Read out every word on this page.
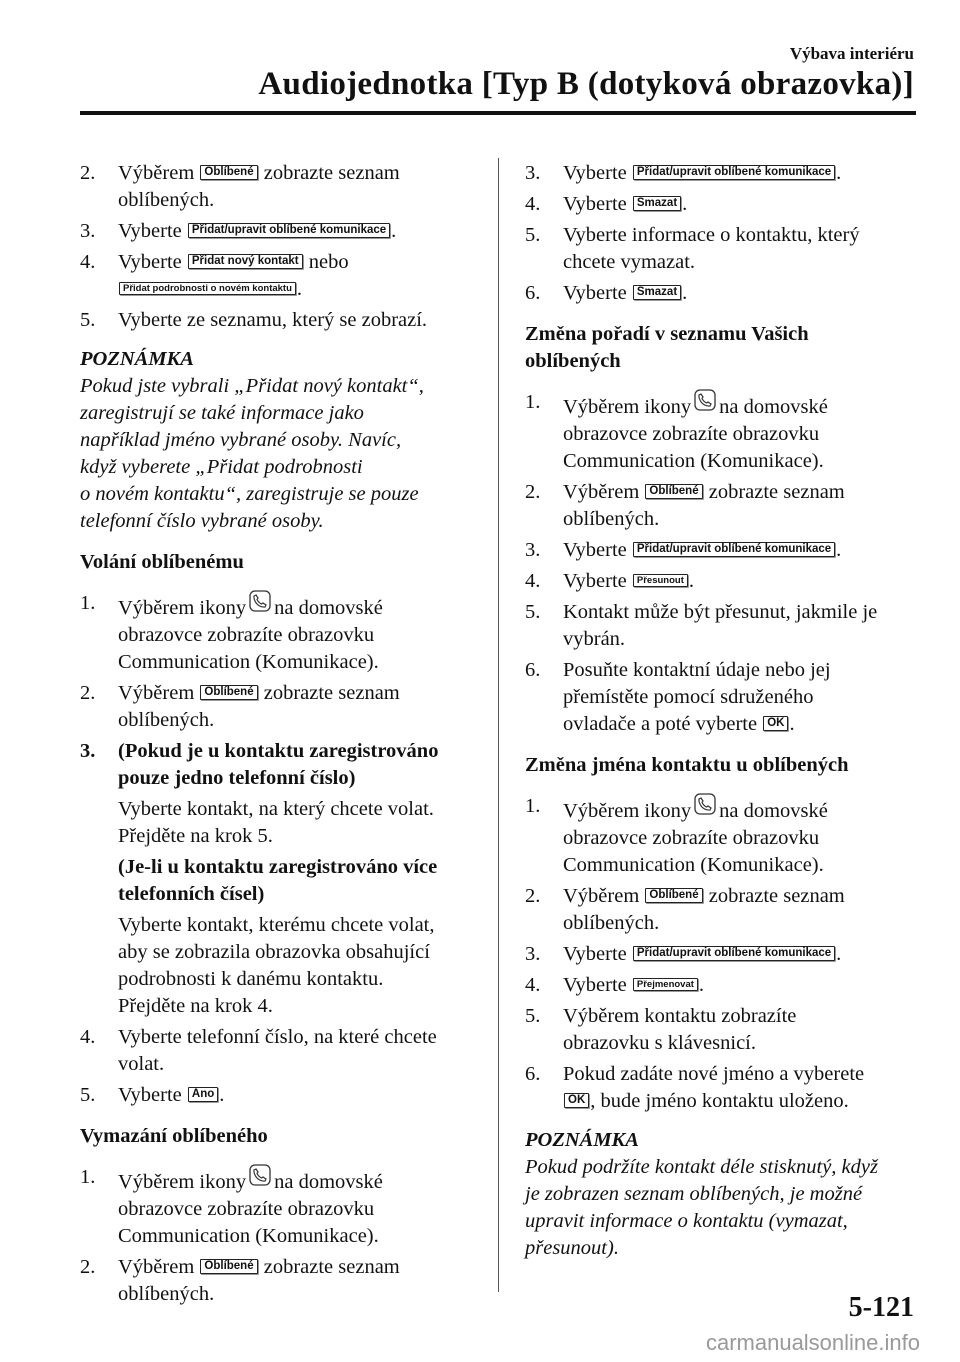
Výbava interiéru
Audiojednotka [Typ B (dotyková obrazovka)]
2. Výběrem Oblíbené zobrazte seznam
oblíbených.
3. Vyberte Přidat/upravit oblíbené komunikace .
4. Vyberte Přidat nový kontakt nebo
Přidat podrobnosti o novém kontaktu .
5. Vyberte ze seznamu, který se zobrazí.
POZNÁMKA
Pokud jste vybrali „Přidat nový kontakt“,
zaregistrují se také informace jako
například jméno vybrané osoby. Navíc,
když vyberete „Přidat podrobnosti
o novém kontaktu“, zaregistruje se pouze
telefonní číslo vybrané osoby.
Volání oblíbenému
1. Výběrem ikony na domovské
obrazovce zobrazíte obrazovku
Communication (Komunikace).
2. Výběrem Oblíbené zobrazte seznam
oblíbených.
3. (Pokud je u kontaktu zaregistrováno
pouze jedno telefonní číslo)
Vyberte kontakt, na který chcete volat.
Přejděte na krok 5.
(Je-li u kontaktu zaregistrováno více
telefonních čísel)
Vyberte kontakt, kterému chcete volat,
aby se zobrazila obrazovka obsahující
podrobnosti k danému kontaktu.
Přejděte na krok 4.
4. Vyberte telefonní číslo, na které chcete
volat.
5. Vyberte Ano .
Vymazání oblíbeného
1. Výběrem ikony na domovské
obrazovce zobrazíte obrazovku
Communication (Komunikace).
2. Výběrem Oblíbené zobrazte seznam
oblíbených.
3. Vyberte Přidat/upravit oblíbené komunikace .
4. Vyberte Smazat .
5. Vyberte informace o kontaktu, který
chcete vymazat.
6. Vyberte Smazat .
Změna pořadí v seznamu Vašich
oblíbených
1. Výběrem ikony na domovské
obrazovce zobrazíte obrazovku
Communication (Komunikace).
2. Výběrem Oblíbené zobrazte seznam
oblíbených.
3. Vyberte Přidat/upravit oblíbené komunikace .
4. Vyberte Přesunout .
5. Kontakt může být přesunut, jakmile je
vybrán.
6. Posuňte kontaktní údaje nebo jej
přemístěte pomocí sdruženého
ovladače a poté vyberte OK .
Změna jména kontaktu u oblíbených
1. Výběrem ikony na domovské
obrazovce zobrazíte obrazovku
Communication (Komunikace).
2. Výběrem Oblíbené zobrazte seznam
oblíbených.
3. Vyberte Přidat/upravit oblíbené komunikace .
4. Vyberte Přejmenovat .
5. Výběrem kontaktu zobrazíte
obrazovku s klávesnicí.
6. Pokud zadáte nové jméno a vyberete
OK , bude jméno kontaktu uloženo.
POZNÁMKA
Pokud podržíte kontakt déle stisknutý, když
je zobrazen seznam oblíbených, je možné
upravit informace o kontaktu (vymazat,
přesunout).
5-121
carmanualsonline.info
